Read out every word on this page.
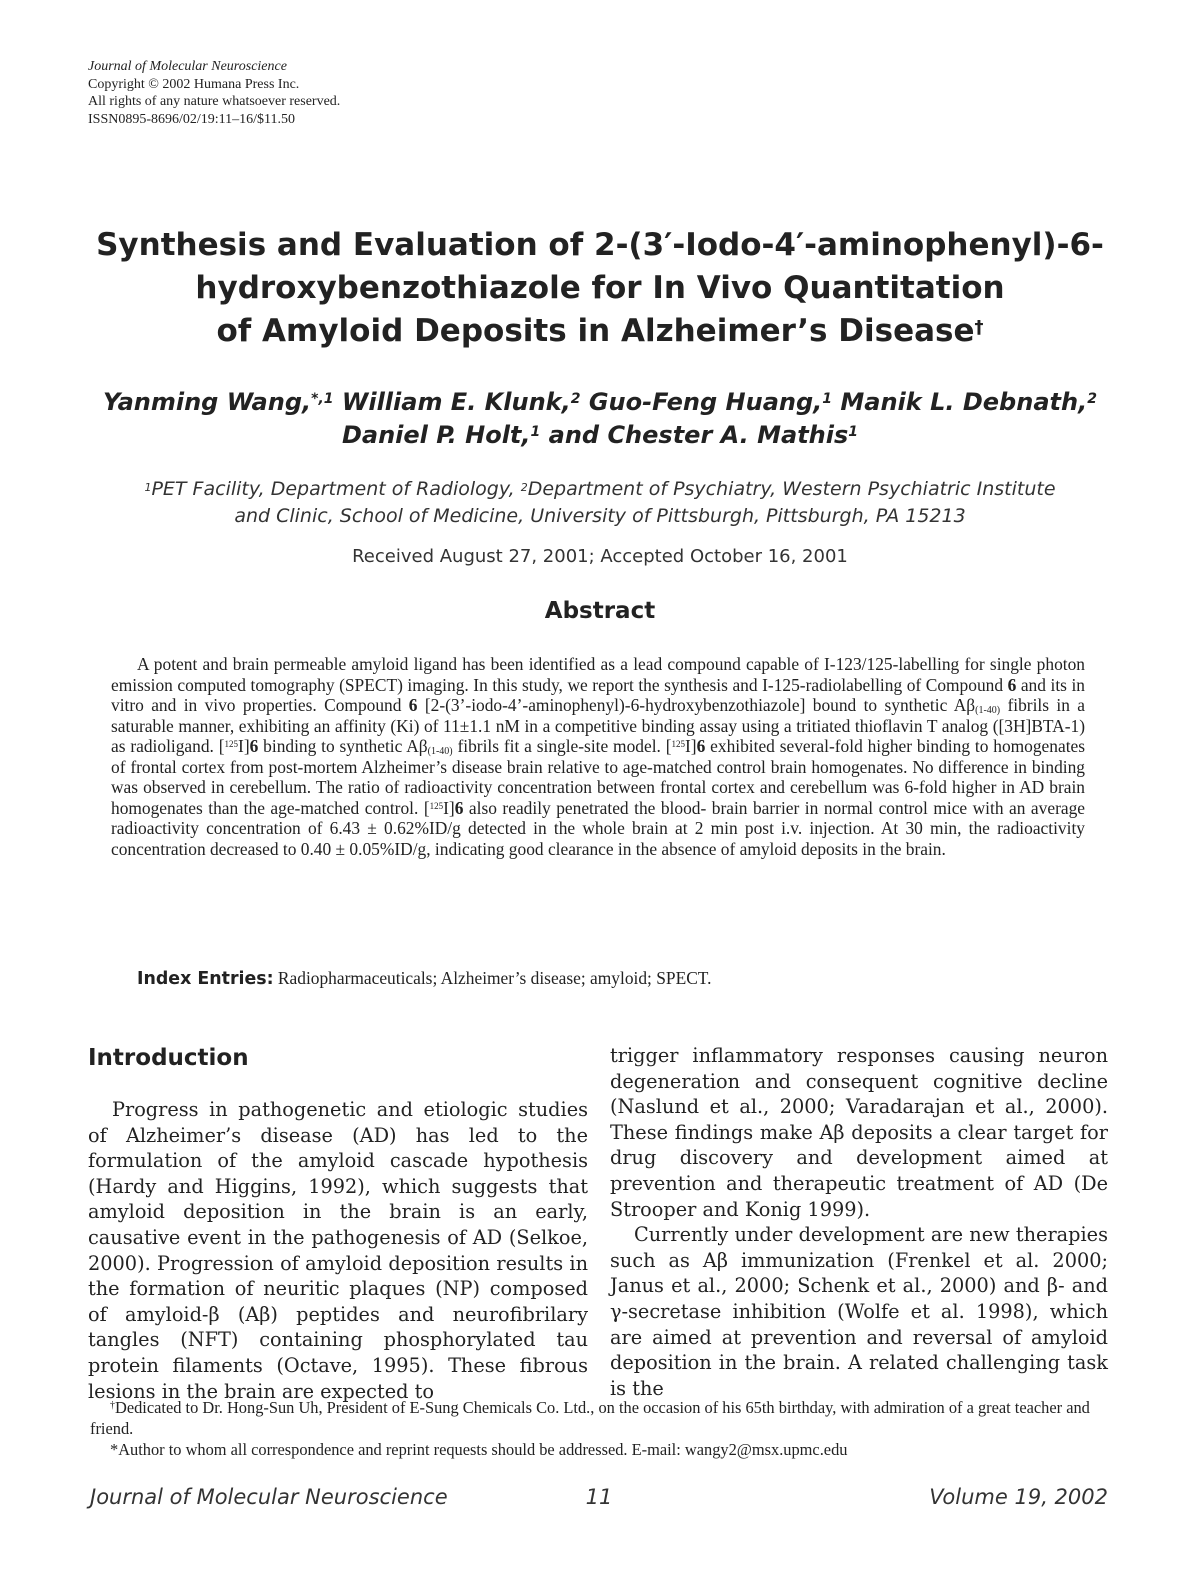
Journal of Molecular Neuroscience
Copyright © 2002 Humana Press Inc.
All rights of any nature whatsoever reserved.
ISSN0895-8696/02/19:11–16/$11.50
Synthesis and Evaluation of 2-(3′-Iodo-4′-aminophenyl)-6-
hydroxybenzothiazole for In Vivo Quantitation
of Amyloid Deposits in Alzheimer’s Disease†
Yanming Wang,$^{*,1}$ William E. Klunk,$^2$ Guo-Feng Huang,$^1$ Manik L. Debnath,$^2$
Daniel P. Holt,$^1$ and Chester A. Mathis$^1$
$^1$PET Facility, Department of Radiology, $^2$Department of Psychiatry, Western Psychiatric Institute
and Clinic, School of Medicine, University of Pittsburgh, Pittsburgh, PA 15213
Received August 27, 2001; Accepted October 16, 2001
Abstract
A potent and brain permeable amyloid ligand has been identified as a lead compound capable of I-123/125-labelling for single photon emission computed tomography (SPECT) imaging. In this study, we report the synthesis and I-125-radiolabelling of Compound 6 and its in vitro and in vivo properties. Compound 6 [2-(3’-iodo-4’-aminophenyl)-6-hydroxybenzothiazole] bound to synthetic $A\beta_{(1-40)}$ fibrils in a saturable manner, exhibiting an affinity (Ki) of 11±1.1 nM in a competitive binding assay using a tritiated thioflavin T analog ([3H]BTA-1) as radioligand. [$^{125}$I]6 binding to synthetic $A\beta_{(1-40)}$ fibrils fit a single-site model. [$^{125}$I]6 exhibited several-fold higher binding to homogenates of frontal cortex from post-mortem Alzheimer’s disease brain relative to age-matched control brain homogenates. No difference in binding was observed in cerebellum. The ratio of radioactivity concentration between frontal cortex and cerebellum was 6-fold higher in AD brain homogenates than the age-matched control. [$^{125}$I]6 also readily penetrated the blood- brain barrier in normal control mice with an average radioactivity concentration of 6.43 ± 0.62%ID/g detected in the whole brain at 2 min post i.v. injection. At 30 min, the radioactivity concentration decreased to 0.40 ± 0.05%ID/g, indicating good clearance in the absence of amyloid deposits in the brain.
Index Entries: Radiopharmaceuticals; Alzheimer’s disease; amyloid; SPECT.
Introduction

Progress in pathogenetic and etiologic studies of Alzheimer’s disease (AD) has led to the formulation of the amyloid cascade hypothesis (Hardy and Higgins, 1992), which suggests that amyloid deposition in the brain is an early, causative event in the pathogenesis of AD (Selkoe, 2000). Progression of amyloid deposition results in the formation of neuritic plaques (NP) composed of amyloid-β (Aβ) peptides and neurofibrilary tangles (NFT) containing phosphorylated tau protein filaments (Octave, 1995). These fibrous lesions in the brain are expected to

trigger inflammatory responses causing neuron degeneration and consequent cognitive decline (Naslund et al., 2000; Varadarajan et al., 2000). These findings make Aβ deposits a clear target for drug discovery and development aimed at prevention and therapeutic treatment of AD (De Strooper and Konig 1999).

Currently under development are new therapies such as Aβ immunization (Frenkel et al. 2000; Janus et al., 2000; Schenk et al., 2000) and β- and γ-secretase inhibition (Wolfe et al. 1998), which are aimed at prevention and reversal of amyloid deposition in the brain. A related challenging task is the

†Dedicated to Dr. Hong-Sun Uh, President of E-Sung Chemicals Co. Ltd., on the occasion of his 65th birthday, with admiration of a great teacher and friend.

*Author to whom all correspondence and reprint requests should be addressed. E-mail: wangy2@msx.upmc.edu

Journal of Molecular Neuroscience	11	Volume 19, 2002
